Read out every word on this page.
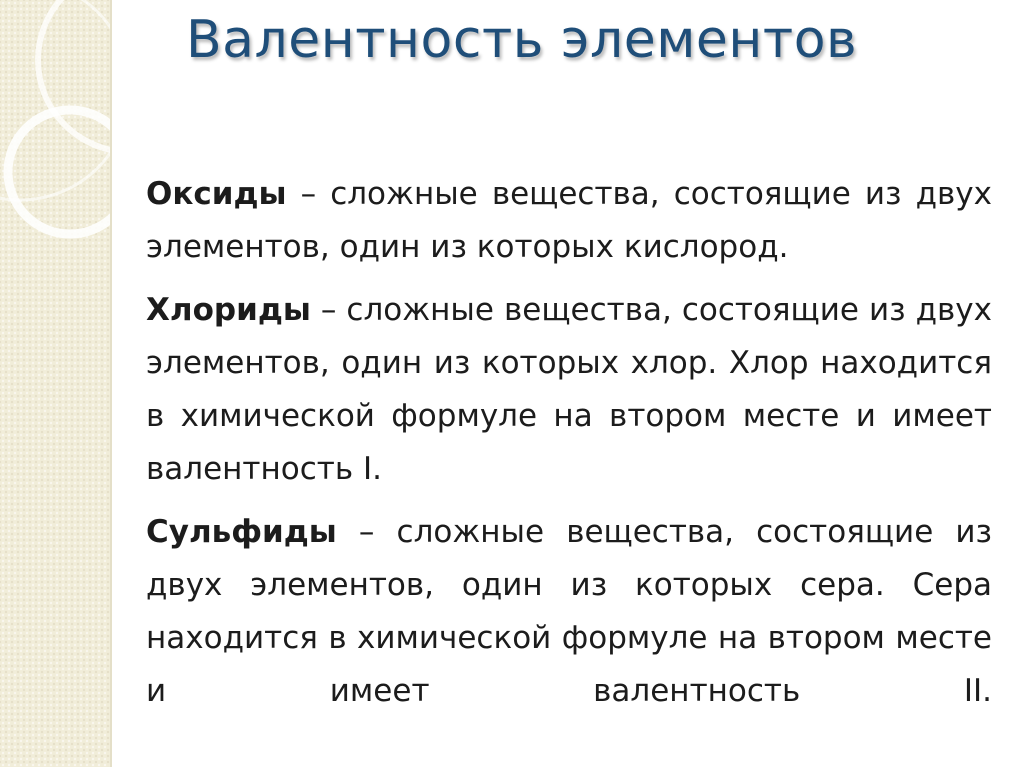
Валентность элементов

Оксиды – сложные вещества, состоящие из двух элементов, один из которых кислород.

Хлориды – сложные вещества, состоящие из двух элементов, один из которых хлор. Хлор находится в химической формуле на втором месте и имеет валентность I.

Сульфиды – сложные вещества, состоящие из двух элементов, один из которых сера. Сера находится в химической формуле на втором месте и имеет валентность II.
